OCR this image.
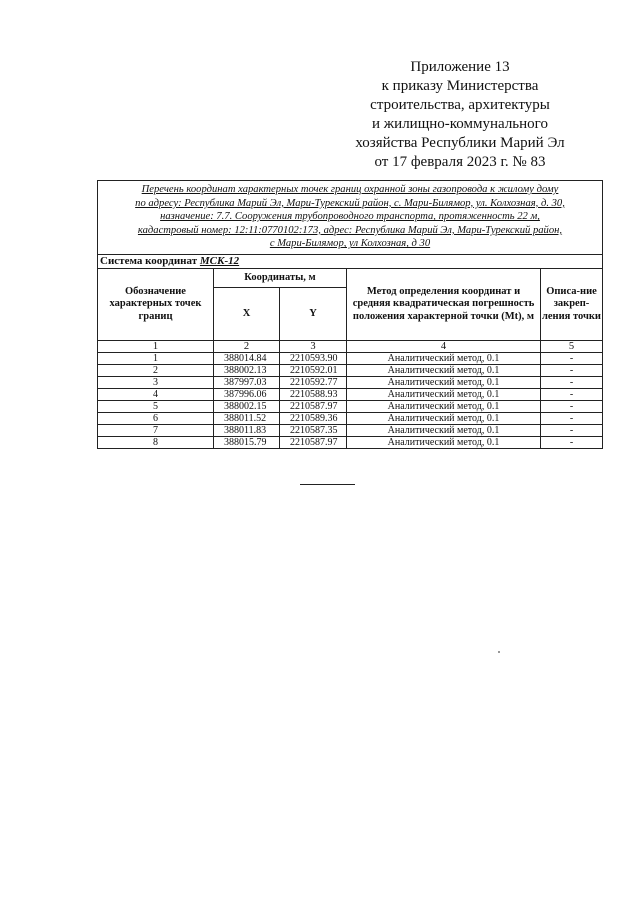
Приложение 13
к приказу Министерства
строительства, архитектуры
и жилищно-коммунального
хозяйства Республики Марий Эл
от 17 февраля 2023 г. № 83
Перечень координат характерных точек границ охранной зоны газопровода к жилому дому
по адресу: Республика Марий Эл, Мари-Турекский район, с. Мари-Билямор, ул. Колхозная, д. 30,
назначение: 7.7. Сооружения трубопроводного транспорта, протяженность 22 м,
кадастровый номер: 12:11:0770102:173, адрес: Республика Марий Эл, Мари-Турекский район,
с Мари-Билямор, ул Колхозная, д 30				
Система координат МСК-12				
Обозначение характерных точек границ	Координаты, м		Метод определения координат и средняя квадратическая погрешность положения характерной точки (Mt), м	Описа-ние закреп-ления точки
	X	Y		
1	2	3	4	5
1	388014.84	2210593.90	Аналитический метод, 0.1	-
2	388002.13	2210592.01	Аналитический метод, 0.1	-
3	387997.03	2210592.77	Аналитический метод, 0.1	-
4	387996.06	2210588.93	Аналитический метод, 0.1	-
5	388002.15	2210587.97	Аналитический метод, 0.1	-
6	388011.52	2210589.36	Аналитический метод, 0.1	-
7	388011.83	2210587.35	Аналитический метод, 0.1	-
8	388015.79	2210587.97	Аналитический метод, 0.1	-
